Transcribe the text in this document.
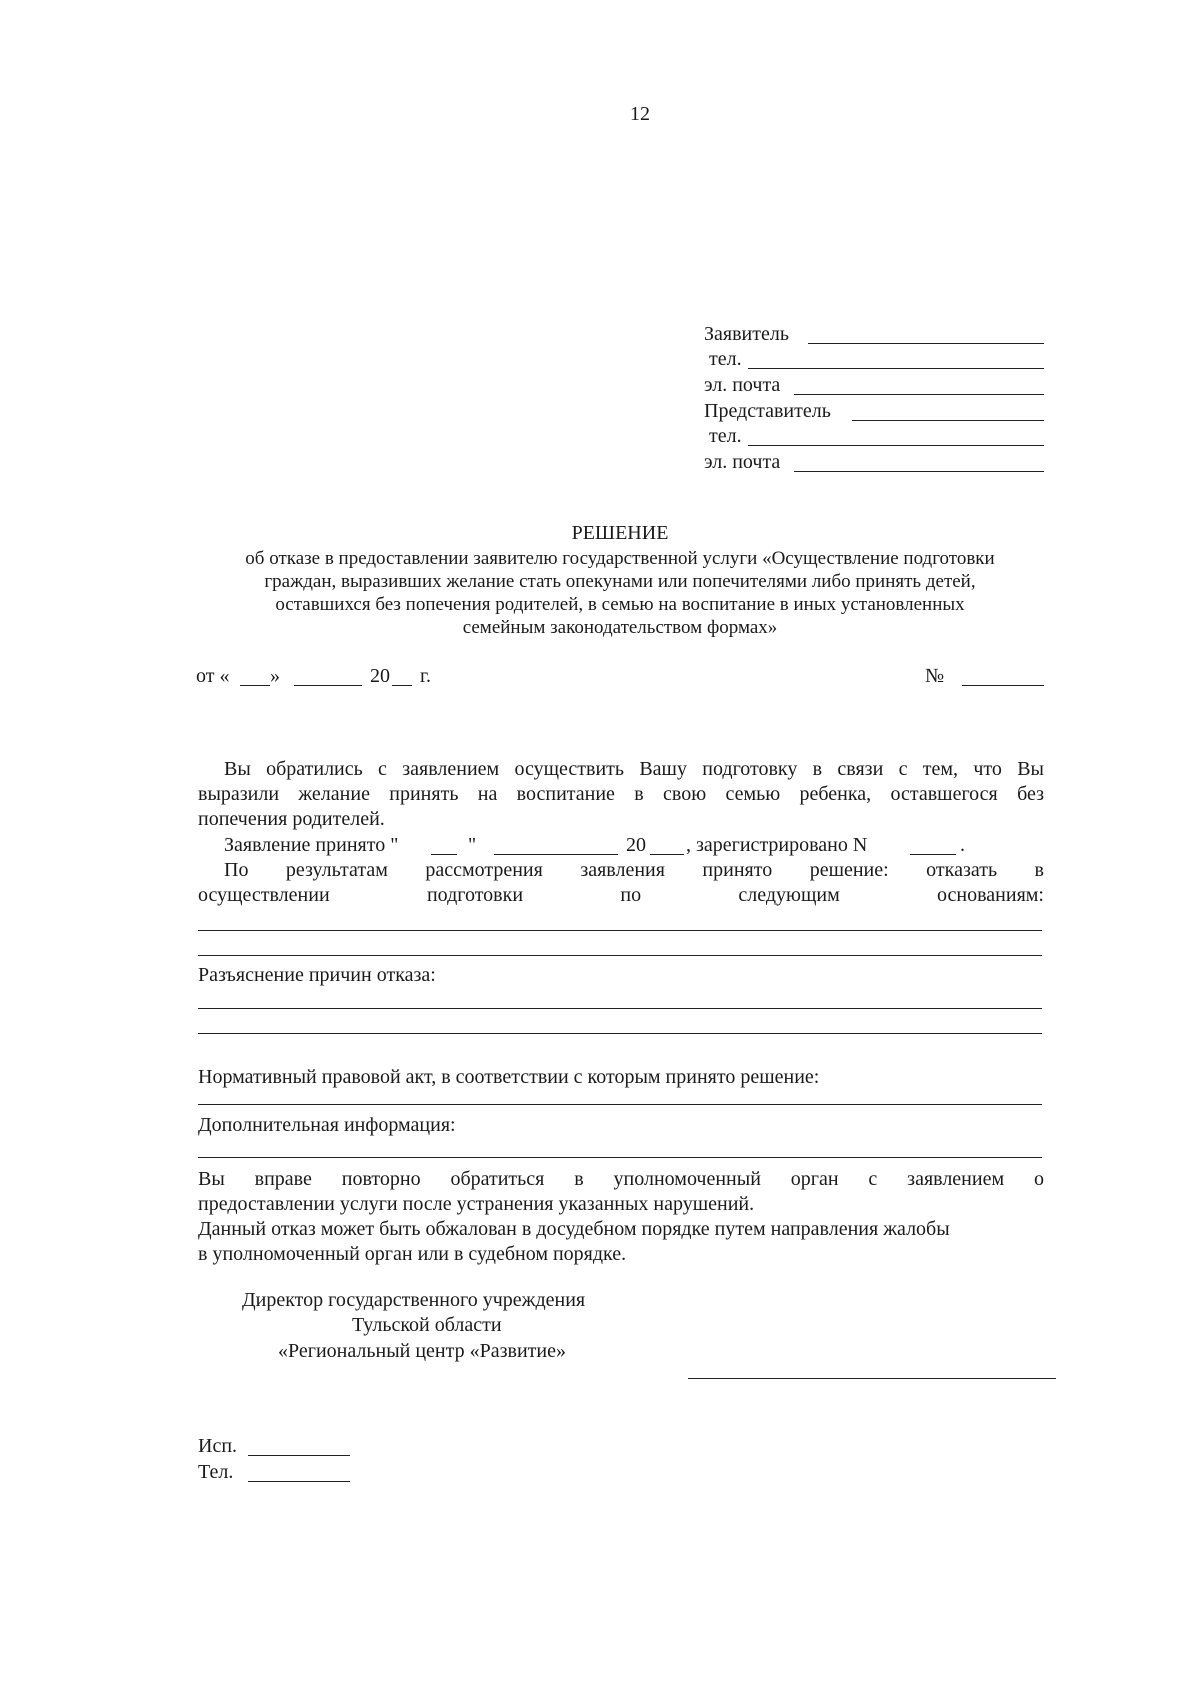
12
Заявитель
тел.
эл. почта
Представитель
тел.
эл. почта
РЕШЕНИЕ
об отказе в предоставлении заявителю государственной услуги «Осуществление подготовки
граждан, выразивших желание стать опекунами или попечителями либо принять детей,
оставшихся без попечения родителей, в семью на воспитание в иных установленных
семейным законодательством формах»
от « »	20 г.	№
Вы обратились с заявлением осуществить Вашу подготовку в связи с тем, что Вы
выразили желание принять на воспитание в свою семью ребенка, оставшегося без
попечения родителей.
Заявление принято "	"	20 , зарегистрировано N	.
По результатам рассмотрения заявления принято решение: отказать в
осуществлении подготовки по следующим основаниям:
Разъяснение причин отказа:
Нормативный правовой акт, в соответствии с которым принято решение:
Дополнительная информация:
Вы вправе повторно обратиться в уполномоченный орган с заявлением о
предоставлении услуги после устранения указанных нарушений.
Данный отказ может быть обжалован в досудебном порядке путем направления жалобы
в уполномоченный орган или в судебном порядке.
Директор государственного учреждения
Тульской области
«Региональный центр «Развитие»
Исп.
Тел.
